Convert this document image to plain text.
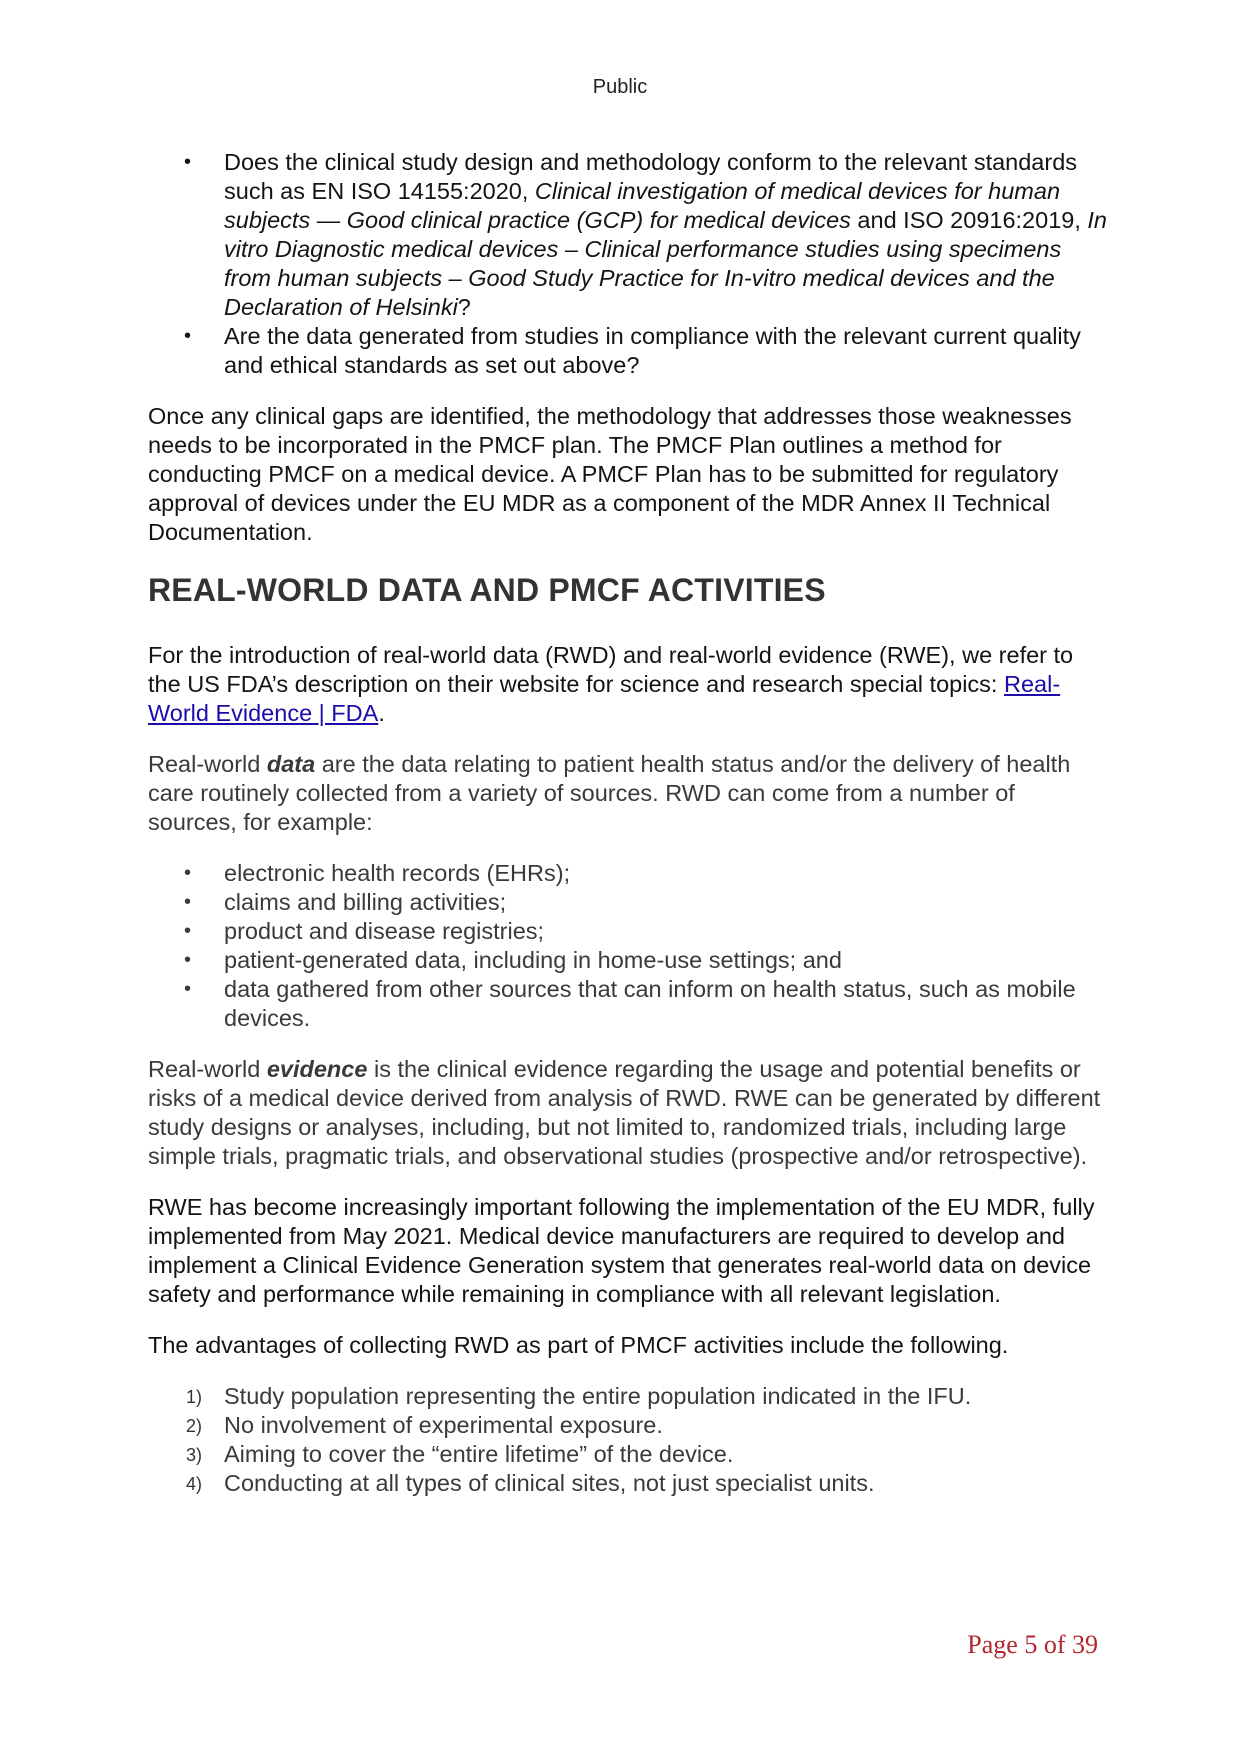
Public
• Does the clinical study design and methodology conform to the relevant standards such as EN ISO 14155:2020, Clinical investigation of medical devices for human subjects — Good clinical practice (GCP) for medical devices and ISO 20916:2019, In vitro Diagnostic medical devices – Clinical performance studies using specimens from human subjects – Good Study Practice for In-vitro medical devices and the Declaration of Helsinki?
• Are the data generated from studies in compliance with the relevant current quality and ethical standards as set out above?

Once any clinical gaps are identified, the methodology that addresses those weaknesses needs to be incorporated in the PMCF plan. The PMCF Plan outlines a method for conducting PMCF on a medical device. A PMCF Plan has to be submitted for regulatory approval of devices under the EU MDR as a component of the MDR Annex II Technical Documentation.

REAL-WORLD DATA AND PMCF ACTIVITIES

For the introduction of real-world data (RWD) and real-world evidence (RWE), we refer to the US FDA’s description on their website for science and research special topics: Real-World Evidence | FDA.

Real-world data are the data relating to patient health status and/or the delivery of health care routinely collected from a variety of sources. RWD can come from a number of sources, for example:

• electronic health records (EHRs);
• claims and billing activities;
• product and disease registries;
• patient-generated data, including in home-use settings; and
• data gathered from other sources that can inform on health status, such as mobile devices.

Real-world evidence is the clinical evidence regarding the usage and potential benefits or risks of a medical device derived from analysis of RWD. RWE can be generated by different study designs or analyses, including, but not limited to, randomized trials, including large simple trials, pragmatic trials, and observational studies (prospective and/or retrospective).

RWE has become increasingly important following the implementation of the EU MDR, fully implemented from May 2021. Medical device manufacturers are required to develop and implement a Clinical Evidence Generation system that generates real-world data on device safety and performance while remaining in compliance with all relevant legislation.

The advantages of collecting RWD as part of PMCF activities include the following.

1) Study population representing the entire population indicated in the IFU.
2) No involvement of experimental exposure.
3) Aiming to cover the “entire lifetime” of the device.
4) Conducting at all types of clinical sites, not just specialist units.
Page 5 of 39
